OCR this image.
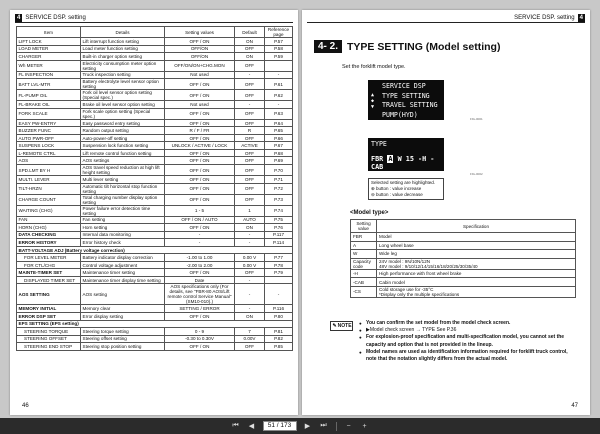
4 SERVICE DSP. setting
Item	Details	Setting values	Default	Reference page
LIFT LOCK	Lift interrupt function setting	OFF / ON	ON	P.57
LOAD METER	Load meter function setting	OFF/ON	OFF	P.58
CHARGER	Built-in charger option setting	OFF/ON	ON	P.59
Wh METER	Electricity consumption meter option setting	OFF/ON/ON+CHG.MON	OFF	
FL INSPECTION	Truck inspection setting	Not used	-	-
BATT LVL-MTR	Battery electrolyte level sensor option setting	OFF / ON	OFF	P.61
FL-PUMP OIL	Fork oil level sensor option setting (Special spec.)	OFF / ON	OFF	P.62
FL-BRAKE OIL	Brake oil level sensor option setting	Not used	-	-
FORK SCALE	Fork scale option setting (Special spec.)	OFF / ON	OFF	P.63
EASY PW-ENTRY	Easy password entry setting	OFF / ON	OFF	P.64
BUZZER FUNC	Random output setting	R / F / FR	R	P.65
AUTO PWR-OFF	Auto-power-off setting	OFF / ON	OFF	P.66
SUSPENS LOCK	Suspension lock function setting	UNLOCK / ACTIVE / LOCK	ACTIVE	P.67
L-REMOTE CTRL	Lift remote control function setting	OFF / ON	OFF	P.68
AOS	AOS settings	OFF / ON	OFF	P.69
SPD.LMT BY H	AOS travel speed reduction at high lift height setting	OFF / ON	OFF	P.70
MULTI. LEVER	Multi lever setting	OFF / ON	OFF	P.71
TILT-HRZN	Automatic tilt horizontal stop function setting	OFF / ON	OFF	P.72
CHARGE COUNT	Total charging number display option setting	OFF / ON	OFF	P.73
WAITING (CHG)	Power failure error detection time setting	1 - 5	1	P.74
FAN	Fan setting	OFF / ON / AUTO	AUTO	P.75
HORN (CHG)	Horn setting	OFF / ON	ON	P.76
DATA CHECKING	Internal data monitoring	-	-	P.117
ERROR HISTORY	Error history check	-	-	P.114
BATT-VOLTAGE ADJ (Battery voltage correction)				
FOR LEVEL METER	Battery indicator display correction	-1.00 to 1.00	0.00 V	P.77
FOR CTL/CHG	Control voltage adjustment	-2.00 to 2.00	0.00 V	P.78
MAINTE-TIMER SET	Maintenance timer setting	OFF / ON	OFF	P.79
DISPLAYED TIMER SET	Maintenance timer display time setting	Date	-	
AOS SETTING	AOS setting	AOS specifications only (For details, see "FBR-80 AOS/Lift remote control Service Manual" (SM10-010).)	-	-
MEMORY INITIAL	Memory clear	SETTING / ERROR	-	P.116
ERROR DSP SET	Error display setting	OFF / ON	ON	P.80
EPS SETTING (EPS setting)				
STEERING TORQUE	Steering torque setting	0 - 9	7	P.81
STEERING OFFSET	Steering offset setting	-0.30 to 0.30V	0.00V	P.82
STEERING END STOP	Steering stop position setting	OFF / ON	OFF	P.85
46
SERVICE DSP. setting 4
4- 2. TYPE SETTING (Model setting)
Set the forklift model type.
▲
◆
▼
SERVICE DSP
TYPE SETTING
TRAVEL SETTING
PUMP(HYD) SETTING
FIG-0001
TYPE
FBR A W 15 -H -CAB
FIG-0002
Selected setting are highlighted.
⊕ button : value increase
⊖ button : value decrease
<Model type>
Setting value	Specification
FBR	Model
A	Long wheel base
W	Wide leg
Capacity code	24V model : 9N/10N/12N
48V model : 9/10/12/14/15/16/18/20/25/30/35/40
-H	High performance with front wheel brake
-CAB	Cabin model
-CS	Cold storage use for -35°C
*Display only the multiple specifications
✎ NOTE	● You can confirm the set model from the model check screen.
● ▶Model check screen → TYPE See P.36
● For explosion-proof specification and multi-specification model, you cannot set the capacity and option that is not provided in the lineup.
● Model names are used as identification information required for forklift truck control, note that the notation slightly differs from the actual model.
47
⏮	◀	51 / 173	▶	⏭	−	+
